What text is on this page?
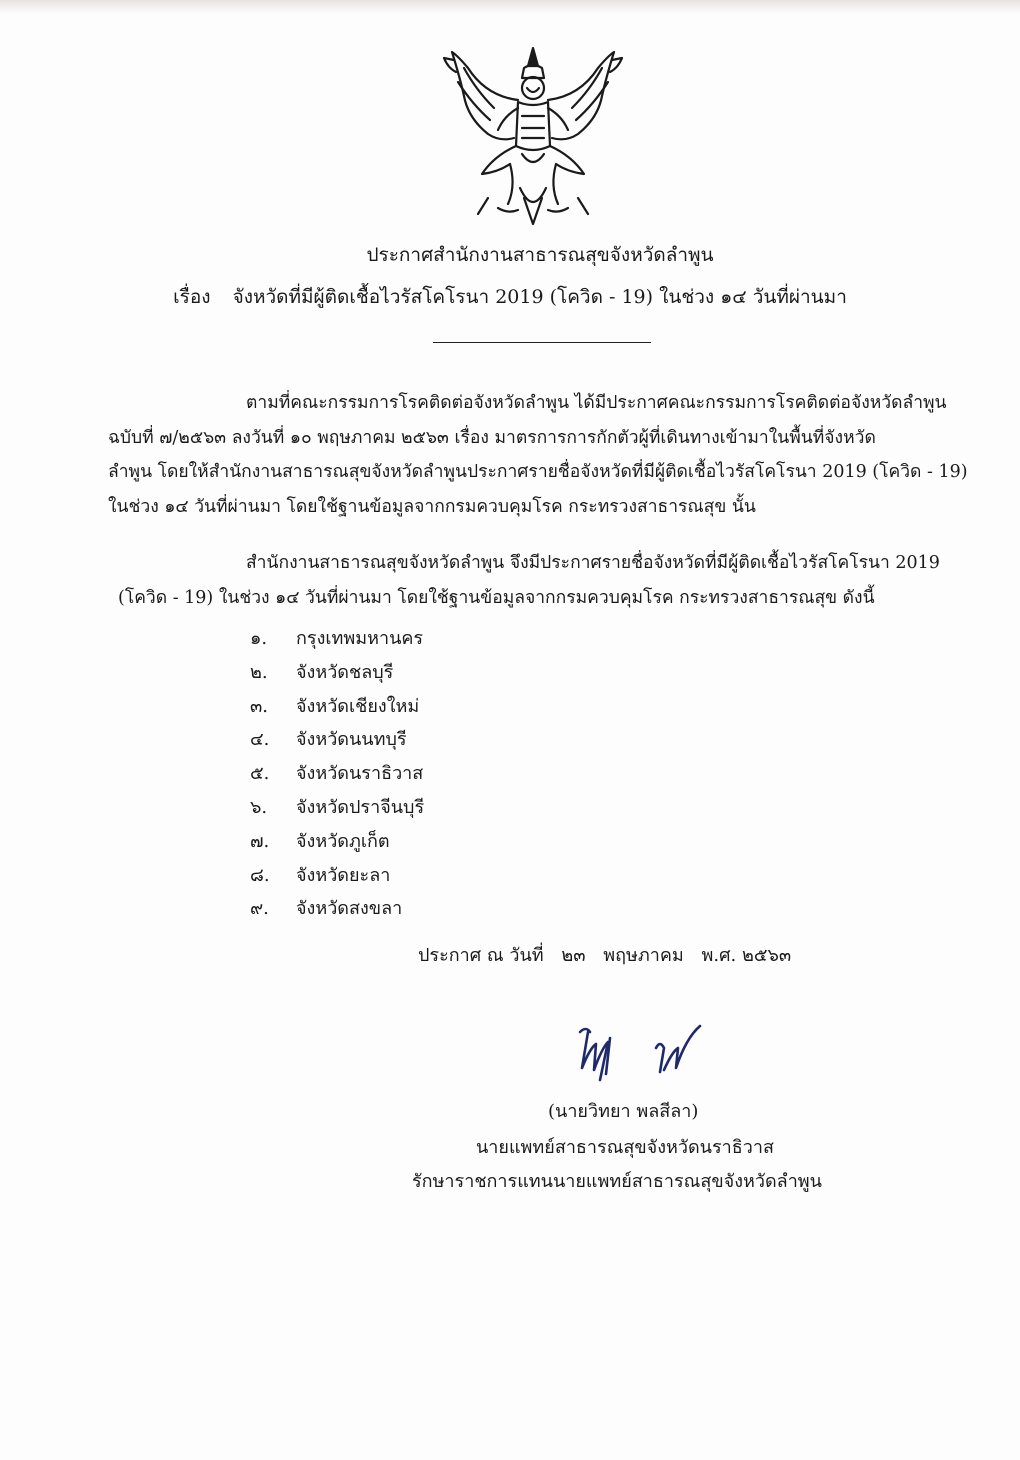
ประกาศสำนักงานสาธารณสุขจังหวัดลำพูน
เรื่อง จังหวัดที่มีผู้ติดเชื้อไวรัสโคโรนา 2019 (โควิด - 19) ในช่วง ๑๔ วันที่ผ่านมา
ตามที่คณะกรรมการโรคติดต่อจังหวัดลำพูน ได้มีประกาศคณะกรรมการโรคติดต่อจังหวัดลำพูน
ฉบับที่ ๗/๒๕๖๓ ลงวันที่ ๑๐ พฤษภาคม ๒๕๖๓ เรื่อง มาตรการการกักตัวผู้ที่เดินทางเข้ามาในพื้นที่จังหวัด
ลำพูน โดยให้สำนักงานสาธารณสุขจังหวัดลำพูนประกาศรายชื่อจังหวัดที่มีผู้ติดเชื้อไวรัสโคโรนา 2019 (โควิด - 19)
ในช่วง ๑๔ วันที่ผ่านมา โดยใช้ฐานข้อมูลจากกรมควบคุมโรค กระทรวงสาธารณสุข นั้น
สำนักงานสาธารณสุขจังหวัดลำพูน จึงมีประกาศรายชื่อจังหวัดที่มีผู้ติดเชื้อไวรัสโคโรนา 2019
(โควิด - 19) ในช่วง ๑๔ วันที่ผ่านมา โดยใช้ฐานข้อมูลจากกรมควบคุมโรค กระทรวงสาธารณสุข ดังนี้
๑. กรุงเทพมหานคร
๒. จังหวัดชลบุรี
๓. จังหวัดเชียงใหม่
๔. จังหวัดนนทบุรี
๕. จังหวัดนราธิวาส
๖. จังหวัดปราจีนบุรี
๗. จังหวัดภูเก็ต
๘. จังหวัดยะลา
๙. จังหวัดสงขลา
ประกาศ ณ วันที่ ๒๓ พฤษภาคม พ.ศ. ๒๕๖๓
(นายวิทยา พลสีลา)
นายแพทย์สาธารณสุขจังหวัดนราธิวาส
รักษาราชการแทนนายแพทย์สาธารณสุขจังหวัดลำพูน
